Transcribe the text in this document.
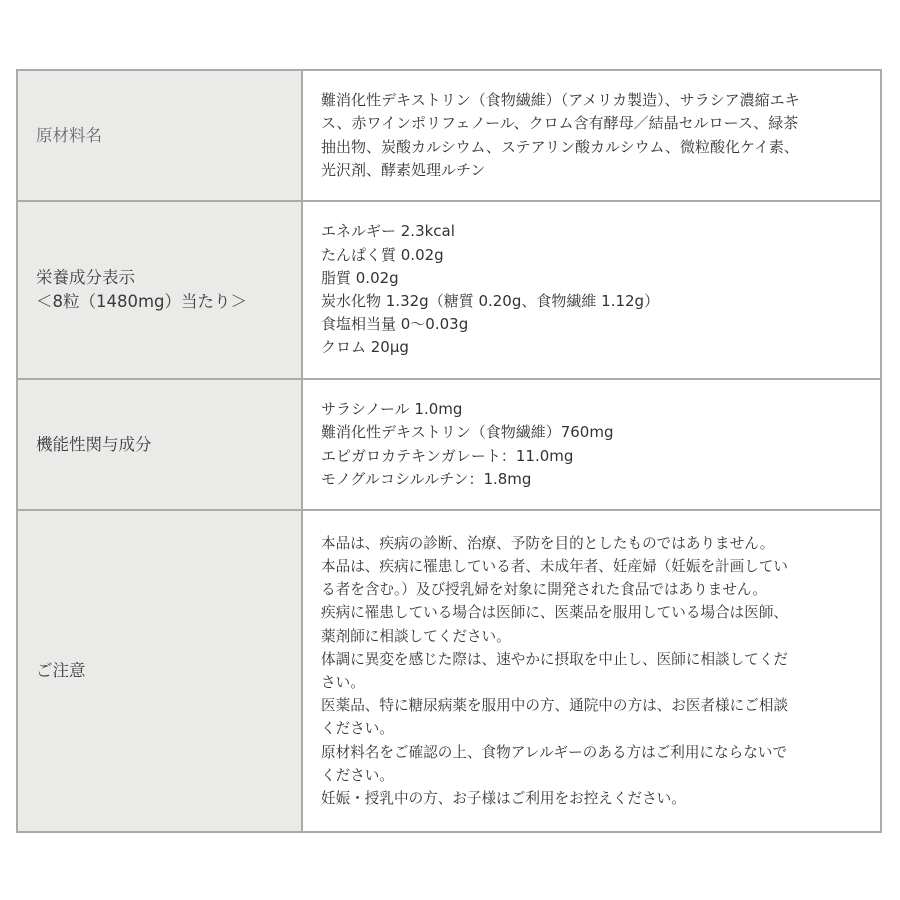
原材料名
難消化性デキストリン（食物繊維）（アメリカ製造）、サラシア濃縮エキ
ス、赤ワインポリフェノール、クロム含有酵母／結晶セルロース、緑茶
抽出物、炭酸カルシウム、ステアリン酸カルシウム、微粒酸化ケイ素、
光沢剤、酵素処理ルチン
栄養成分表示
＜8粒（1480mg）当たり＞
エネルギー 2.3kcal
たんぱく質 0.02g
脂質 0.02g
炭水化物 1.32g（糖質 0.20g、食物繊維 1.12g）
食塩相当量 0～0.03g
クロム 20μg
機能性関与成分
サラシノール 1.0mg
難消化性デキストリン（食物繊維）760mg
エピガロカテキンガレート：11.0mg
モノグルコシルルチン：1.8mg
ご注意
本品は、疾病の診断、治療、予防を目的としたものではありません。
本品は、疾病に罹患している者、未成年者、妊産婦（妊娠を計画してい
る者を含む。）及び授乳婦を対象に開発された食品ではありません。
疾病に罹患している場合は医師に、医薬品を服用している場合は医師、
薬剤師に相談してください。
体調に異変を感じた際は、速やかに摂取を中止し、医師に相談してくだ
さい。
医薬品、特に糖尿病薬を服用中の方、通院中の方は、お医者様にご相談
ください。
原材料名をご確認の上、食物アレルギーのある方はご利用にならないで
ください。
妊娠・授乳中の方、お子様はご利用をお控えください。
